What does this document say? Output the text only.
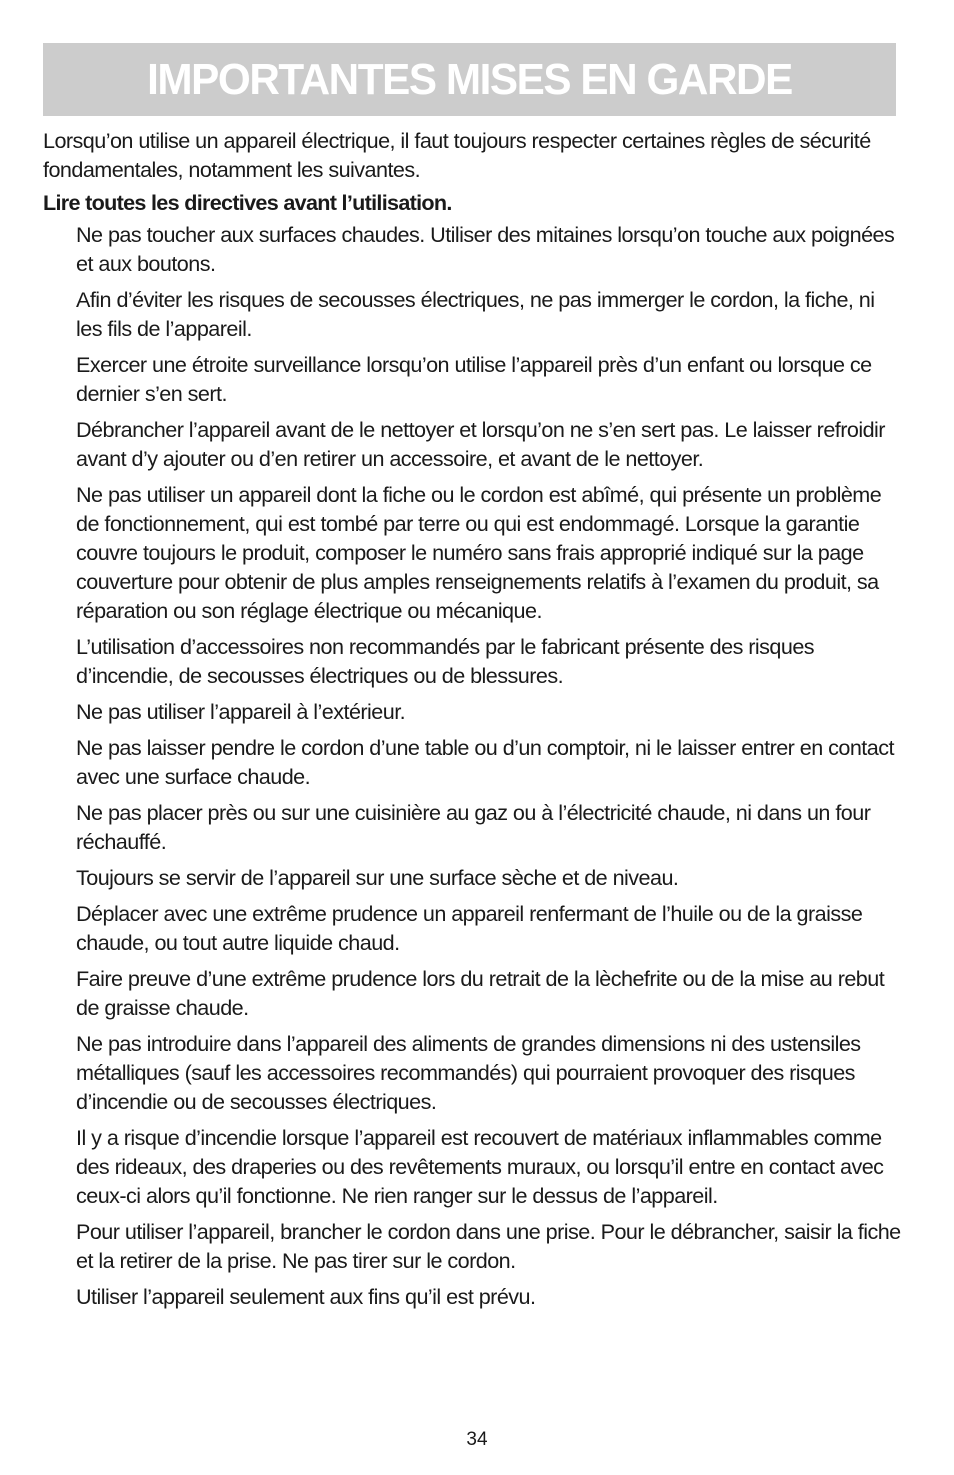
IMPORTANTES MISES EN GARDE

Lorsqu’on utilise un appareil électrique, il faut toujours respecter certaines règles de sécurité fondamentales, notamment les suivantes.

Lire toutes les directives avant l’utilisation.

Ne pas toucher aux surfaces chaudes. Utiliser des mitaines lorsqu’on touche aux poignées et aux boutons.
Afin d’éviter les risques de secousses électriques, ne pas immerger le cordon, la fiche, ni les fils de l’appareil.
Exercer une étroite surveillance lorsqu’on utilise l’appareil près d’un enfant ou lorsque ce dernier s’en sert.
Débrancher l’appareil avant de le nettoyer et lorsqu’on ne s’en sert pas. Le laisser refroidir avant d’y ajouter ou d’en retirer un accessoire, et avant de le nettoyer.
Ne pas utiliser un appareil dont la fiche ou le cordon est abîmé, qui présente un problème de fonctionnement, qui est tombé par terre ou qui est endommagé. Lorsque la garantie couvre toujours le produit, composer le numéro sans frais approprié indiqué sur la page couverture pour obtenir de plus amples renseignements relatifs à l’examen du produit, sa réparation ou son réglage électrique ou mécanique.
L’utilisation d’accessoires non recommandés par le fabricant présente des risques d’incendie, de secousses électriques ou de blessures.
Ne pas utiliser l’appareil à l’extérieur.
Ne pas laisser pendre le cordon d’une table ou d’un comptoir, ni le laisser entrer en contact avec une surface chaude.
Ne pas placer près ou sur une cuisinière au gaz ou à l’électricité chaude, ni dans un four réchauffé.
Toujours se servir de l’appareil sur une surface sèche et de niveau.
Déplacer avec une extrême prudence un appareil renfermant de l’huile ou de la graisse chaude, ou tout autre liquide chaud.
Faire preuve d’une extrême prudence lors du retrait de la lèchefrite ou de la mise au rebut de graisse chaude.
Ne pas introduire dans l’appareil des aliments de grandes dimensions ni des ustensiles métalliques (sauf les accessoires recommandés) qui pourraient provoquer des risques d’incendie ou de secousses électriques.
Il y a risque d’incendie lorsque l’appareil est recouvert de matériaux inflammables comme des rideaux, des draperies ou des revêtements muraux, ou lorsqu’il entre en contact avec ceux-ci alors qu’il fonctionne. Ne rien ranger sur le dessus de l’appareil.
Pour utiliser l’appareil, brancher le cordon dans une prise. Pour le débrancher, saisir la fiche et la retirer de la prise. Ne pas tirer sur le cordon.
Utiliser l’appareil seulement aux fins qu’il est prévu.
34
